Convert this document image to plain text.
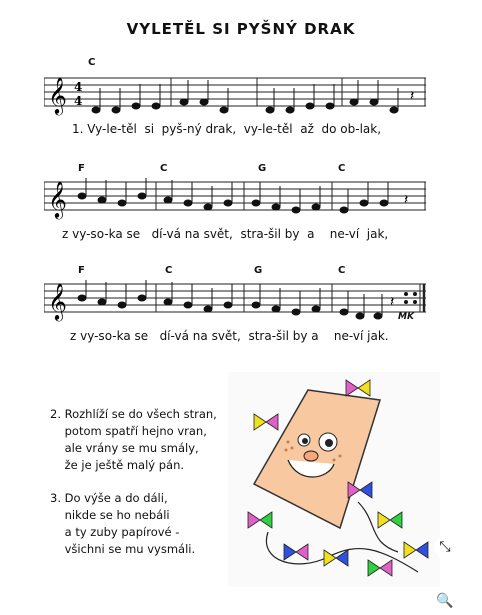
VYLETĚL SI PYŠNÝ DRAK
C
𝄞 4
4	𝄽
1. Vy-le-těl  si  pyš-ný drak,  vy-le-těl  až  do ob-lak,
F	C	G	C
𝄞	𝄽
z vy-so-ka se   dí-vá na svět,  stra-šil by  a    ne-ví  jak,
F	C	G	C
𝄞	𝄽
MK
z vy-so-ka se   dí-vá na svět,  stra-šil by a    ne-ví jak.
2. Rozhlíží se do všech stran,
potom spatří hejno vran,
ale vrány se mu smály,
že je ještě malý pán.
3. Do výše a do dáli,
nikde se ho nebáli
a ty zuby papírové -
všichni se mu vysmáli.	⤡
🔍
